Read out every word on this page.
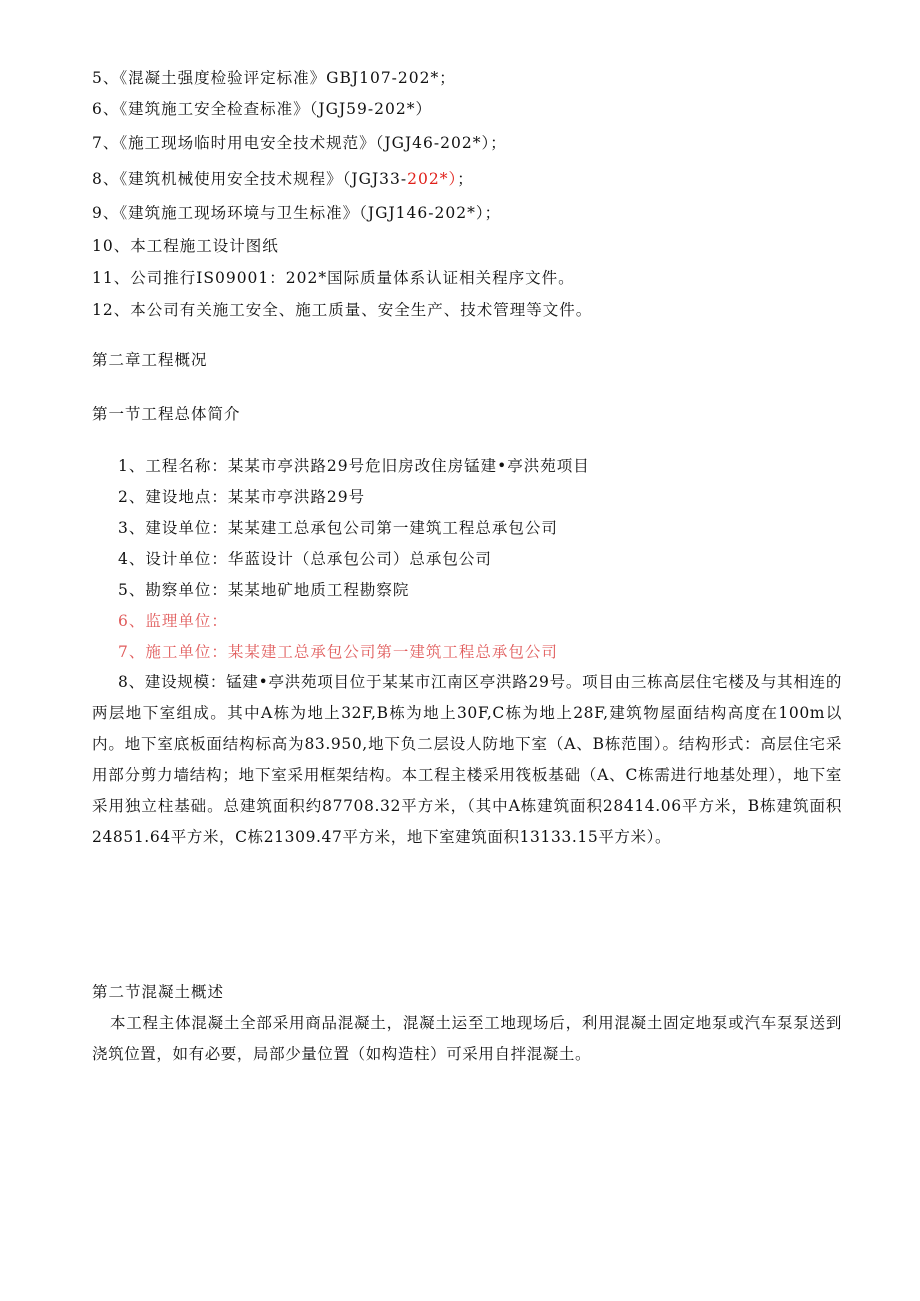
5、《混凝土强度检验评定标准》GBJ107-202*；
6、《建筑施工安全检查标准》（JGJ59-202*）
7、《施工现场临时用电安全技术规范》（JGJ46-202*）；
8、《建筑机械使用安全技术规程》（JGJ33-202*）；
9、《建筑施工现场环境与卫生标准》（JGJ146-202*）；
10、本工程施工设计图纸
11、公司推行IS09001：202*国际质量体系认证相关程序文件。
12、本公司有关施工安全、施工质量、安全生产、技术管理等文件。
第二章工程概况
第一节工程总体简介
1、工程名称：某某市亭洪路29号危旧房改住房锰建•亭洪苑项目
2、建设地点：某某市亭洪路29号
3、建设单位：某某建工总承包公司第一建筑工程总承包公司
4、设计单位：华蓝设计（总承包公司）总承包公司
5、勘察单位：某某地矿地质工程勘察院
6、监理单位：
7、施工单位：某某建工总承包公司第一建筑工程总承包公司
8、建设规模：锰建•亭洪苑项目位于某某市江南区亭洪路29号。项目由三栋高层住宅楼及与其相连的两层地下室组成。其中A栋为地上32F,B栋为地上30F,C栋为地上28F,建筑物屋面结构高度在100m以内。地下室底板面结构标高为83.950,地下负二层设人防地下室（A、B栋范围）。结构形式：高层住宅采用部分剪力墙结构；地下室采用框架结构。本工程主楼采用筏板基础（A、C栋需进行地基处理），地下室采用独立柱基础。总建筑面积约87708.32平方米，（其中A栋建筑面积28414.06平方米，B栋建筑面积24851.64平方米，C栋21309.47平方米，地下室建筑面积13133.15平方米）。
第二节混凝土概述
本工程主体混凝土全部采用商品混凝土，混凝土运至工地现场后，利用混凝土固定地泵或汽车泵泵送到浇筑位置，如有必要，局部少量位置（如构造柱）可采用自拌混凝土。
